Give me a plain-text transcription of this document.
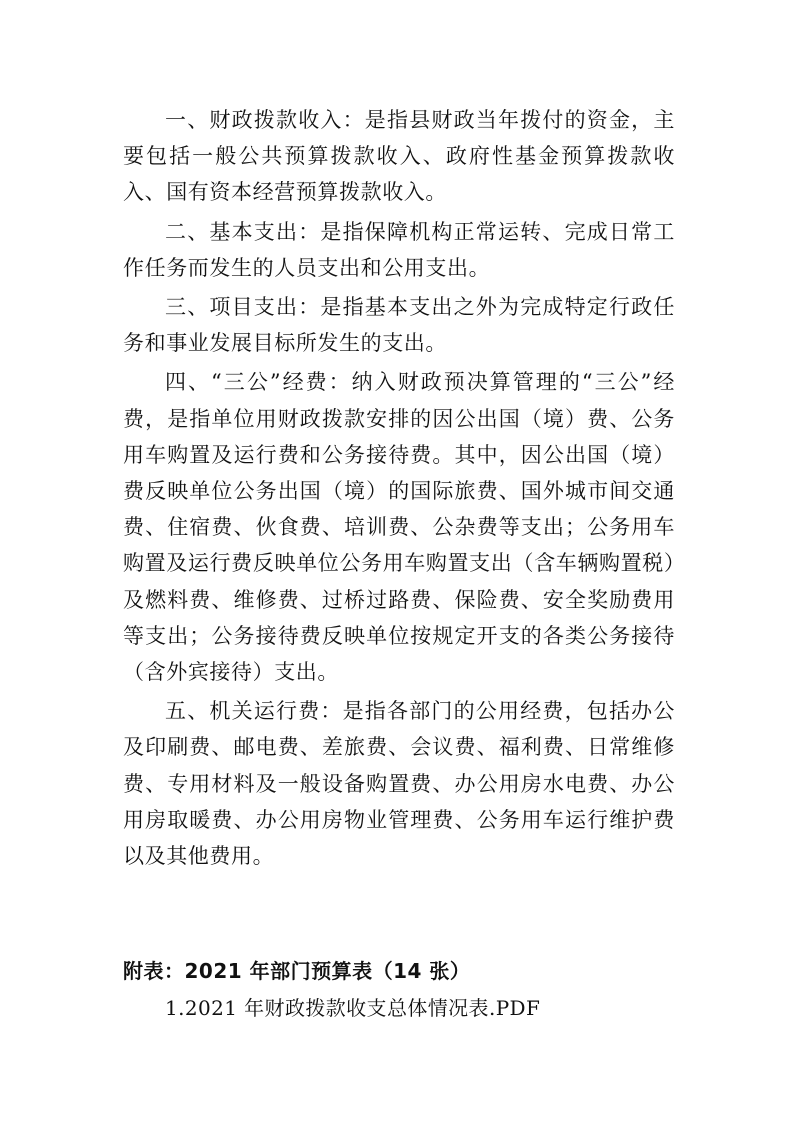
一、财政拨款收入：是指县财政当年拨付的资金，主要包括一般公共预算拨款收入、政府性基金预算拨款收入、国有资本经营预算拨款收入。

二、基本支出：是指保障机构正常运转、完成日常工作任务而发生的人员支出和公用支出。

三、项目支出：是指基本支出之外为完成特定行政任务和事业发展目标所发生的支出。

四、“三公”经费：纳入财政预决算管理的“三公”经费，是指单位用财政拨款安排的因公出国（境）费、公务用车购置及运行费和公务接待费。其中，因公出国（境）费反映单位公务出国（境）的国际旅费、国外城市间交通费、住宿费、伙食费、培训费、公杂费等支出；公务用车购置及运行费反映单位公务用车购置支出（含车辆购置税）及燃料费、维修费、过桥过路费、保险费、安全奖励费用等支出；公务接待费反映单位按规定开支的各类公务接待（含外宾接待）支出。

五、机关运行费：是指各部门的公用经费，包括办公及印刷费、邮电费、差旅费、会议费、福利费、日常维修费、专用材料及一般设备购置费、办公用房水电费、办公用房取暖费、办公用房物业管理费、公务用车运行维护费以及其他费用。

附表：2021 年部门预算表（14 张）

1.2021 年财政拨款收支总体情况表.PDF
